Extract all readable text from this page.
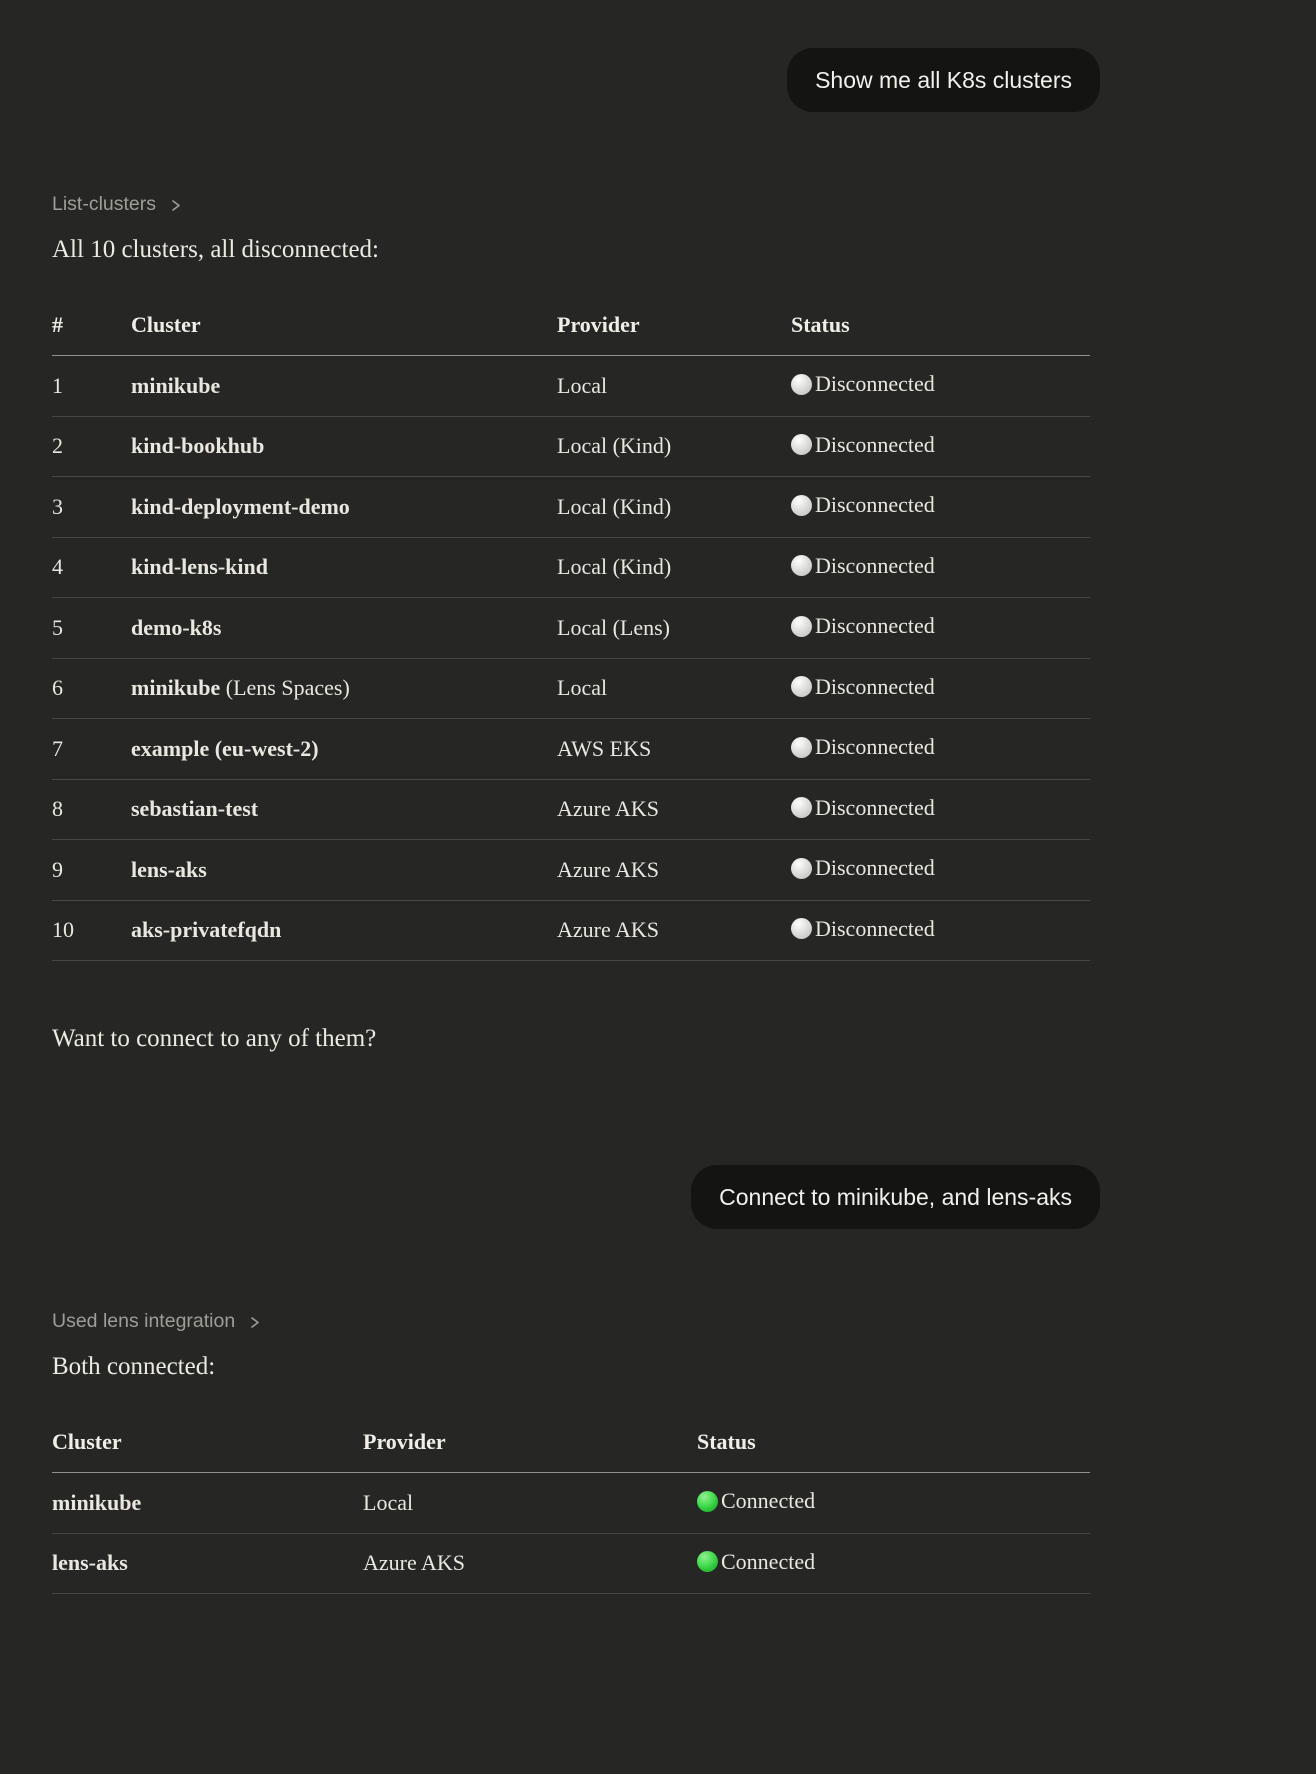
Show me all K8s clusters
List-clusters

All 10 clusters, all disconnected:

#	Cluster	Provider	Status
1	minikube	Local	Disconnected

2	kind-bookhub	Local (Kind)	Disconnected

3	kind-deployment-demo	Local (Kind)	Disconnected

4	kind-lens-kind	Local (Kind)	Disconnected

5	demo-k8s	Local (Lens)	Disconnected

6	minikube (Lens Spaces)	Local	Disconnected

7	example (eu-west-2)	AWS EKS	Disconnected

8	sebastian-test	Azure AKS	Disconnected

9	lens-aks	Azure AKS	Disconnected

10	aks-privatefqdn	Azure AKS	Disconnected

Want to connect to any of them?

Connect to minikube, and lens-aks
Used lens integration

Both connected:

Cluster	Provider	Status
minikube	Local	Connected

lens-aks	Azure AKS	Connected
